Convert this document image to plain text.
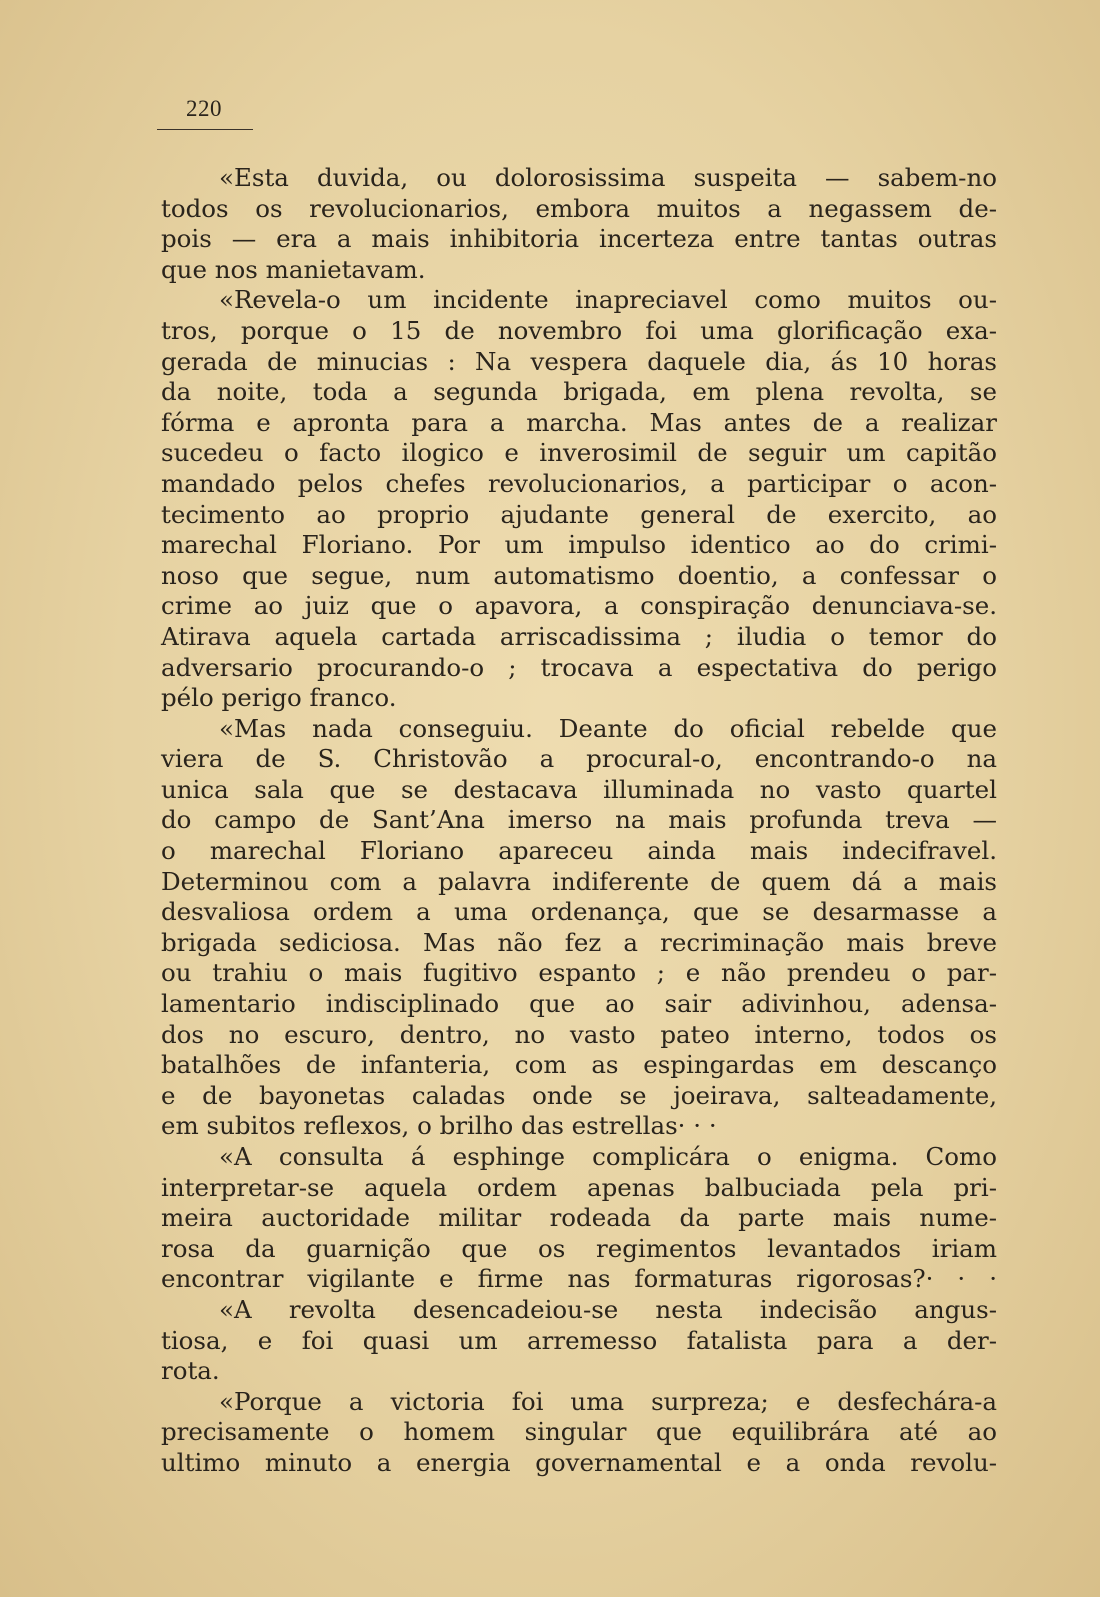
220
«Esta duvida, ou dolorosissima suspeita — sabem-no
todos os revolucionarios, embora muitos a negassem de-
pois — era a mais inhibitoria incerteza entre tantas outras
que nos manietavam.
«Revela-o um incidente inapreciavel como muitos ou-
tros, porque o 15 de novembro foi uma glorificação exa-
gerada de minucias : Na vespera daquele dia, ás 10 horas
da noite, toda a segunda brigada, em plena revolta, se
fórma e apronta para a marcha. Mas antes de a realizar
sucedeu o facto ilogico e inverosimil de seguir um capitão
mandado pelos chefes revolucionarios, a participar o acon-
tecimento ao proprio ajudante general de exercito, ao
marechal Floriano. Por um impulso identico ao do crimi-
noso que segue, num automatismo doentio, a confessar o
crime ao juiz que o apavora, a conspiração denunciava-se.
Atirava aquela cartada arriscadissima ; iludia o temor do
adversario procurando-o ; trocava a espectativa do perigo
pélo perigo franco.
«Mas nada conseguiu. Deante do oficial rebelde que
viera de S. Christovão a procural-o, encontrando-o na
unica sala que se destacava illuminada no vasto quartel
do campo de Sant’Ana imerso na mais profunda treva —
o marechal Floriano apareceu ainda mais indecifravel.
Determinou com a palavra indiferente de quem dá a mais
desvaliosa ordem a uma ordenança, que se desarmasse a
brigada sediciosa. Mas não fez a recriminação mais breve
ou trahiu o mais fugitivo espanto ; e não prendeu o par-
lamentario indisciplinado que ao sair adivinhou, adensa-
dos no escuro, dentro, no vasto pateo interno, todos os
batalhões de infanteria, com as espingardas em descanço
e de bayonetas caladas onde se joeirava, salteadamente,
em subitos reflexos, o brilho das estrellas· · ·
«A consulta á esphinge complicára o enigma. Como
interpretar-se aquela ordem apenas balbuciada pela pri-
meira auctoridade militar rodeada da parte mais nume-
rosa da guarnição que os regimentos levantados iriam
encontrar vigilante e firme nas formaturas rigorosas?· · ·
«A revolta desencadeiou-se nesta indecisão angus-
tiosa, e foi quasi um arremesso fatalista para a der-
rota.
«Porque a victoria foi uma surpreza; e desfechára-a
precisamente o homem singular que equilibrára até ao
ultimo minuto a energia governamental e a onda revolu-
